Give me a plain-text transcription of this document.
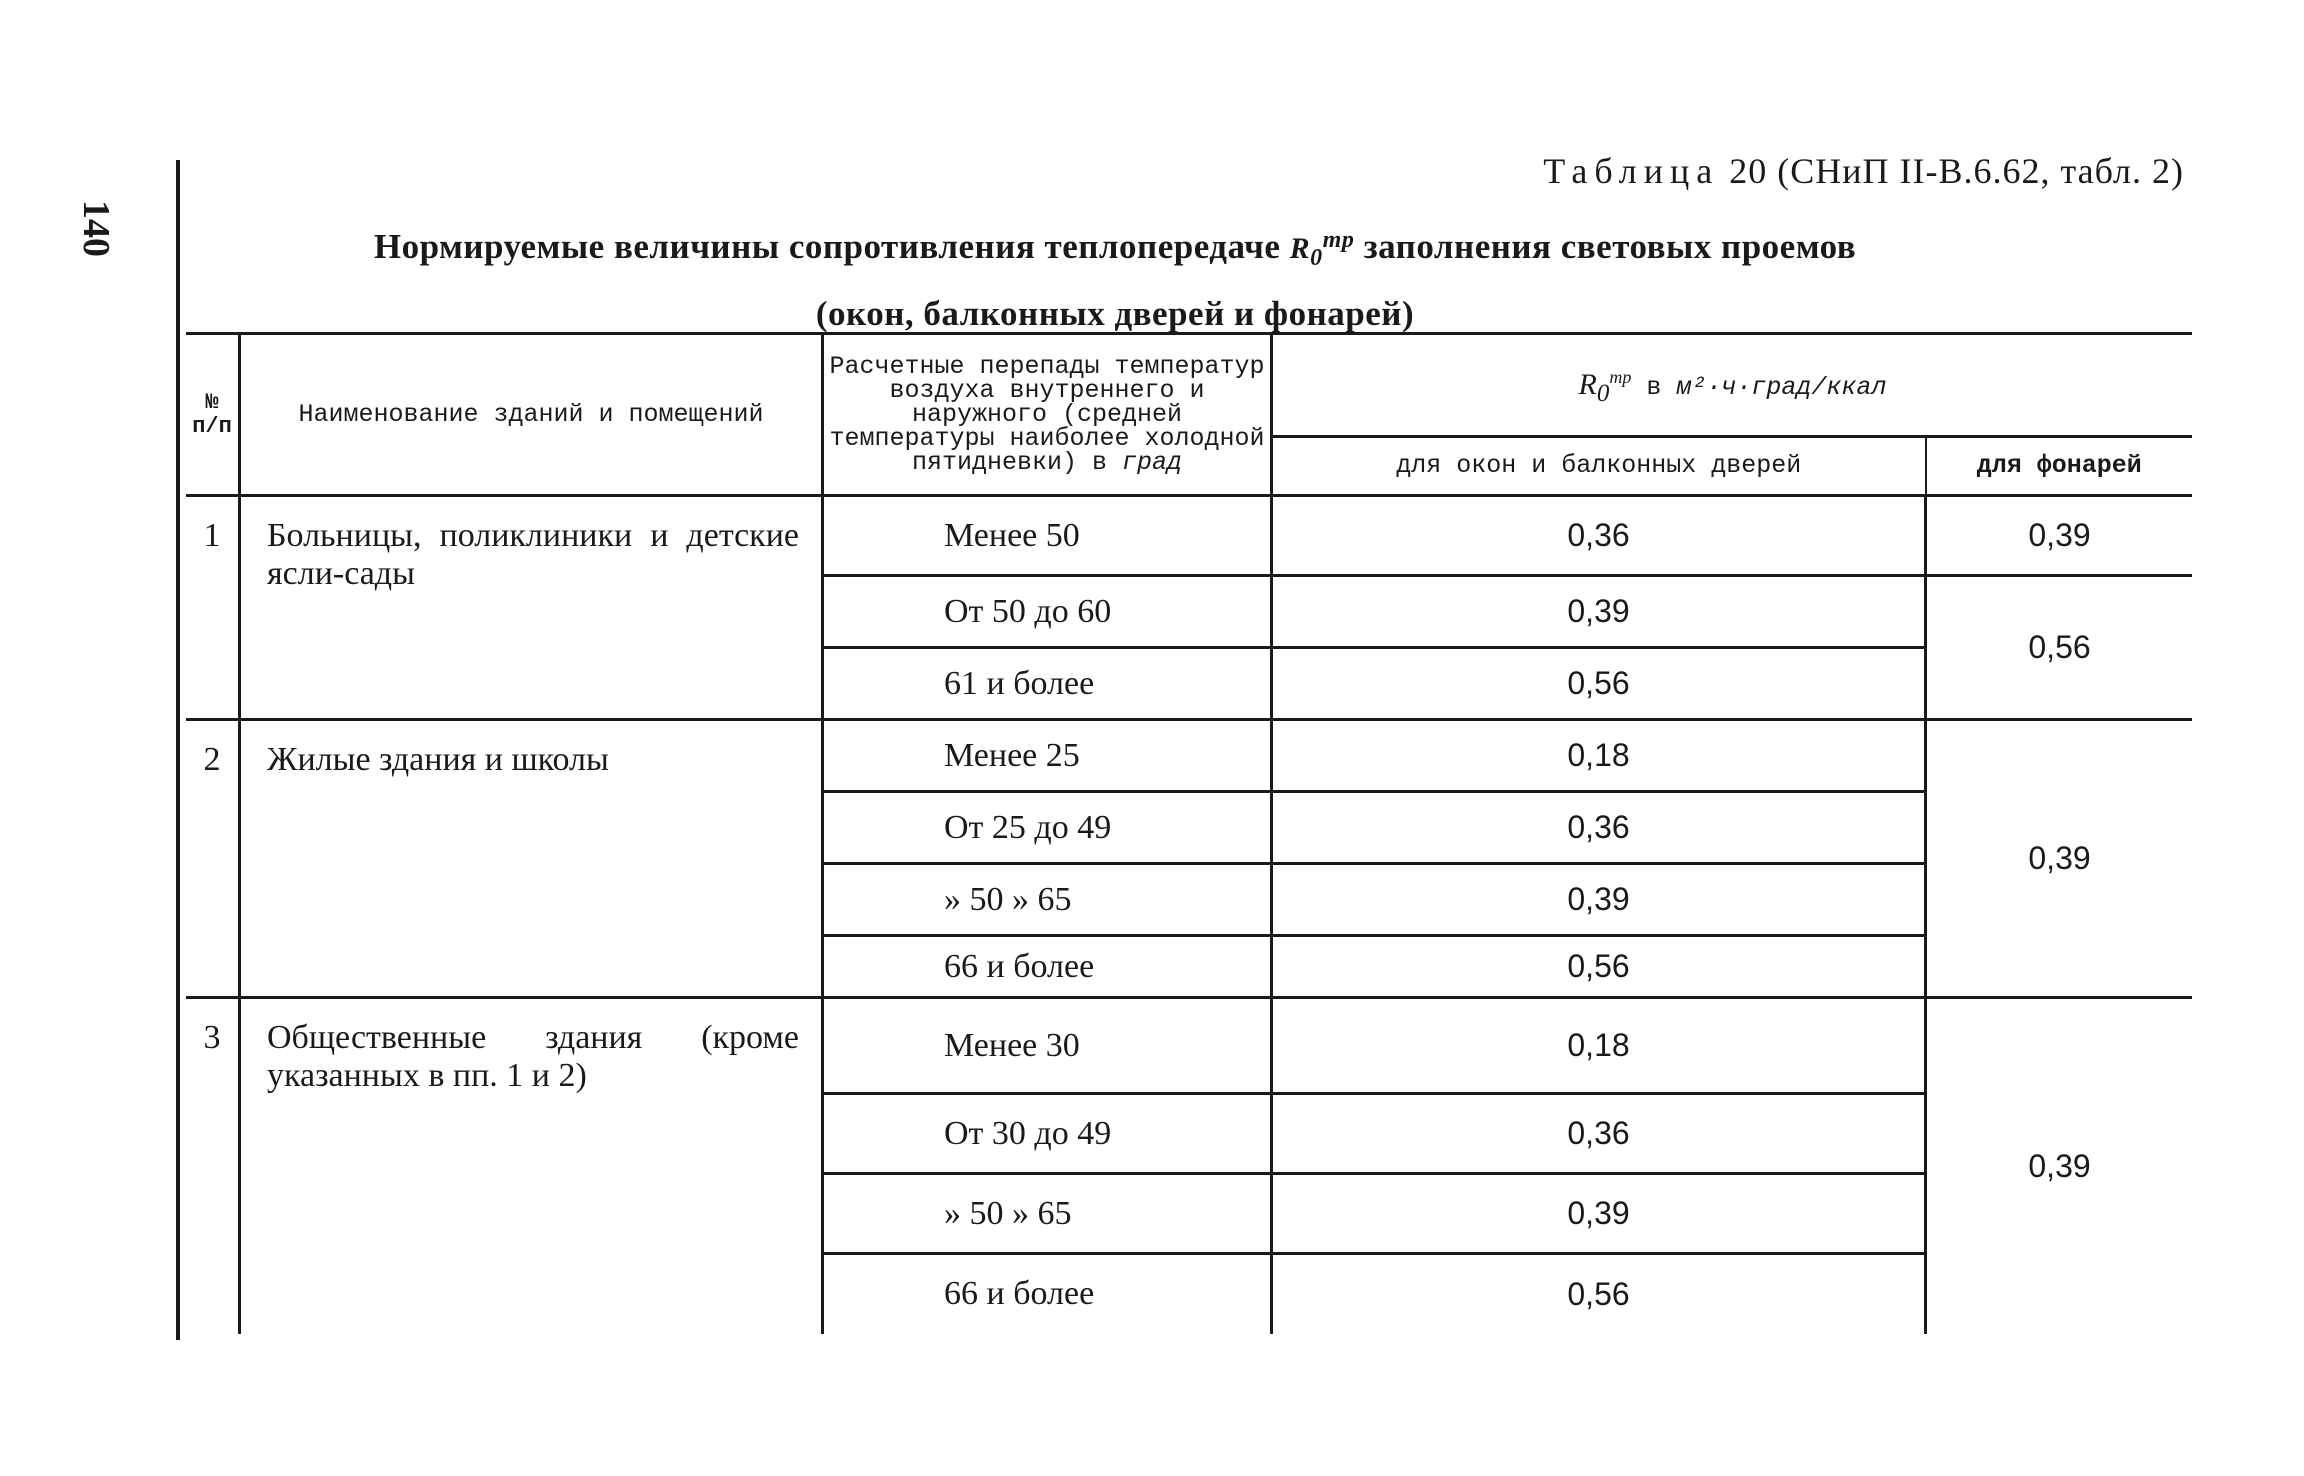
140
Таблица 20 (СНиП II-В.6.62, табл. 2)
Нормируемые величины сопротивления теплопередаче $R_0^{тр}$ заполнения световых проемов
(окон, балконных дверей и фонарей)
№ п/п	Наименование зданий и помещений	Расчетные перепады температур воздуха внутреннего и наружного (средней температуры наиболее холодной пятидневки) в град	$R_0^{тр}$ в м²·ч·град/ккал	
			для окон и балконных дверей	для фонарей
1	Больницы, поликлиники и детские ясли-сады	Менее 50	0,36	0,39
		От 50 до 60	0,39	0,56
		61 и более	0,56	
2	Жилые здания и школы	Менее 25	0,18	0,39
		От 25 до 49	0,36	
		» 50 » 65	0,39	
		66 и более	0,56	
3	Общественные здания (кроме указанных в пп. 1 и 2)	Менее 30	0,18	0,39
		От 30 до 49	0,36	
		» 50 » 65	0,39	
		66 и более	0,56	
